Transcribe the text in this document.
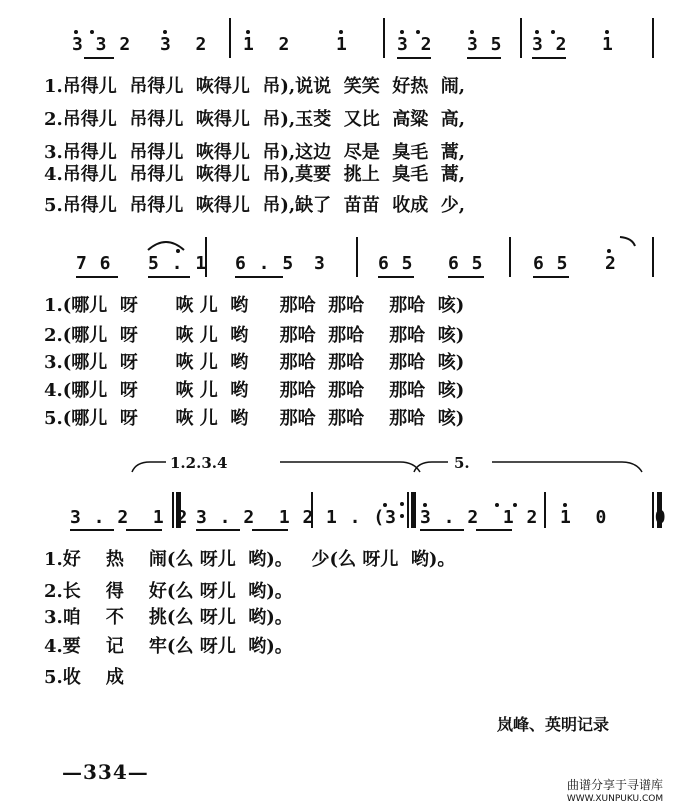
3 3 2 3  2 1  2	1	3 2 3 5 3 2 1
1.吊得儿  吊得儿  咴得儿  吊),说说  笑笑  好热  闹,
2.吊得儿  吊得儿  咴得儿  吊),玉茭  又比  高粱  高,
3.吊得儿  吊得儿  咴得儿  吊),这边  尽是  臭毛  蒿,
4.吊得儿  吊得儿  咴得儿  吊),莫要  挑上  臭毛  蒿,
5.吊得儿  吊得儿  咴得儿  吊),缺了  苗苗  收成  少,
7 6 5 . 1 6 . 5 3	6 5 6 5	6 5 2
1.(哪儿  呀      咴 儿  哟     那哈  那哈    那哈  咳)
2.(哪儿  呀      咴 儿  哟     那哈  那哈    那哈  咳)
3.(哪儿  呀      咴 儿  哟     那哈  那哈    那哈  咳)
4.(哪儿  呀      咴 儿  哟     那哈  那哈    那哈  咳)
5.(哪儿  呀      咴 儿  哟     那哈  那哈    那哈  咳)
1.2.3.4	5.
3 . 2  1 2 3 . 2  1 2 1 . (3 3 . 2  1 2 1  0    0
1.好    热    闹(么 呀儿  哟)。   少(么 呀儿  哟)。
2.长    得    好(么 呀儿  哟)。
3.咱    不    挑(么 呀儿  哟)。
4.要    记    牢(么 呀儿  哟)。
5.收    成
岚峰、英明记录
—334—
曲谱分享于寻谱库
WWW.XUNPUKU.COM
